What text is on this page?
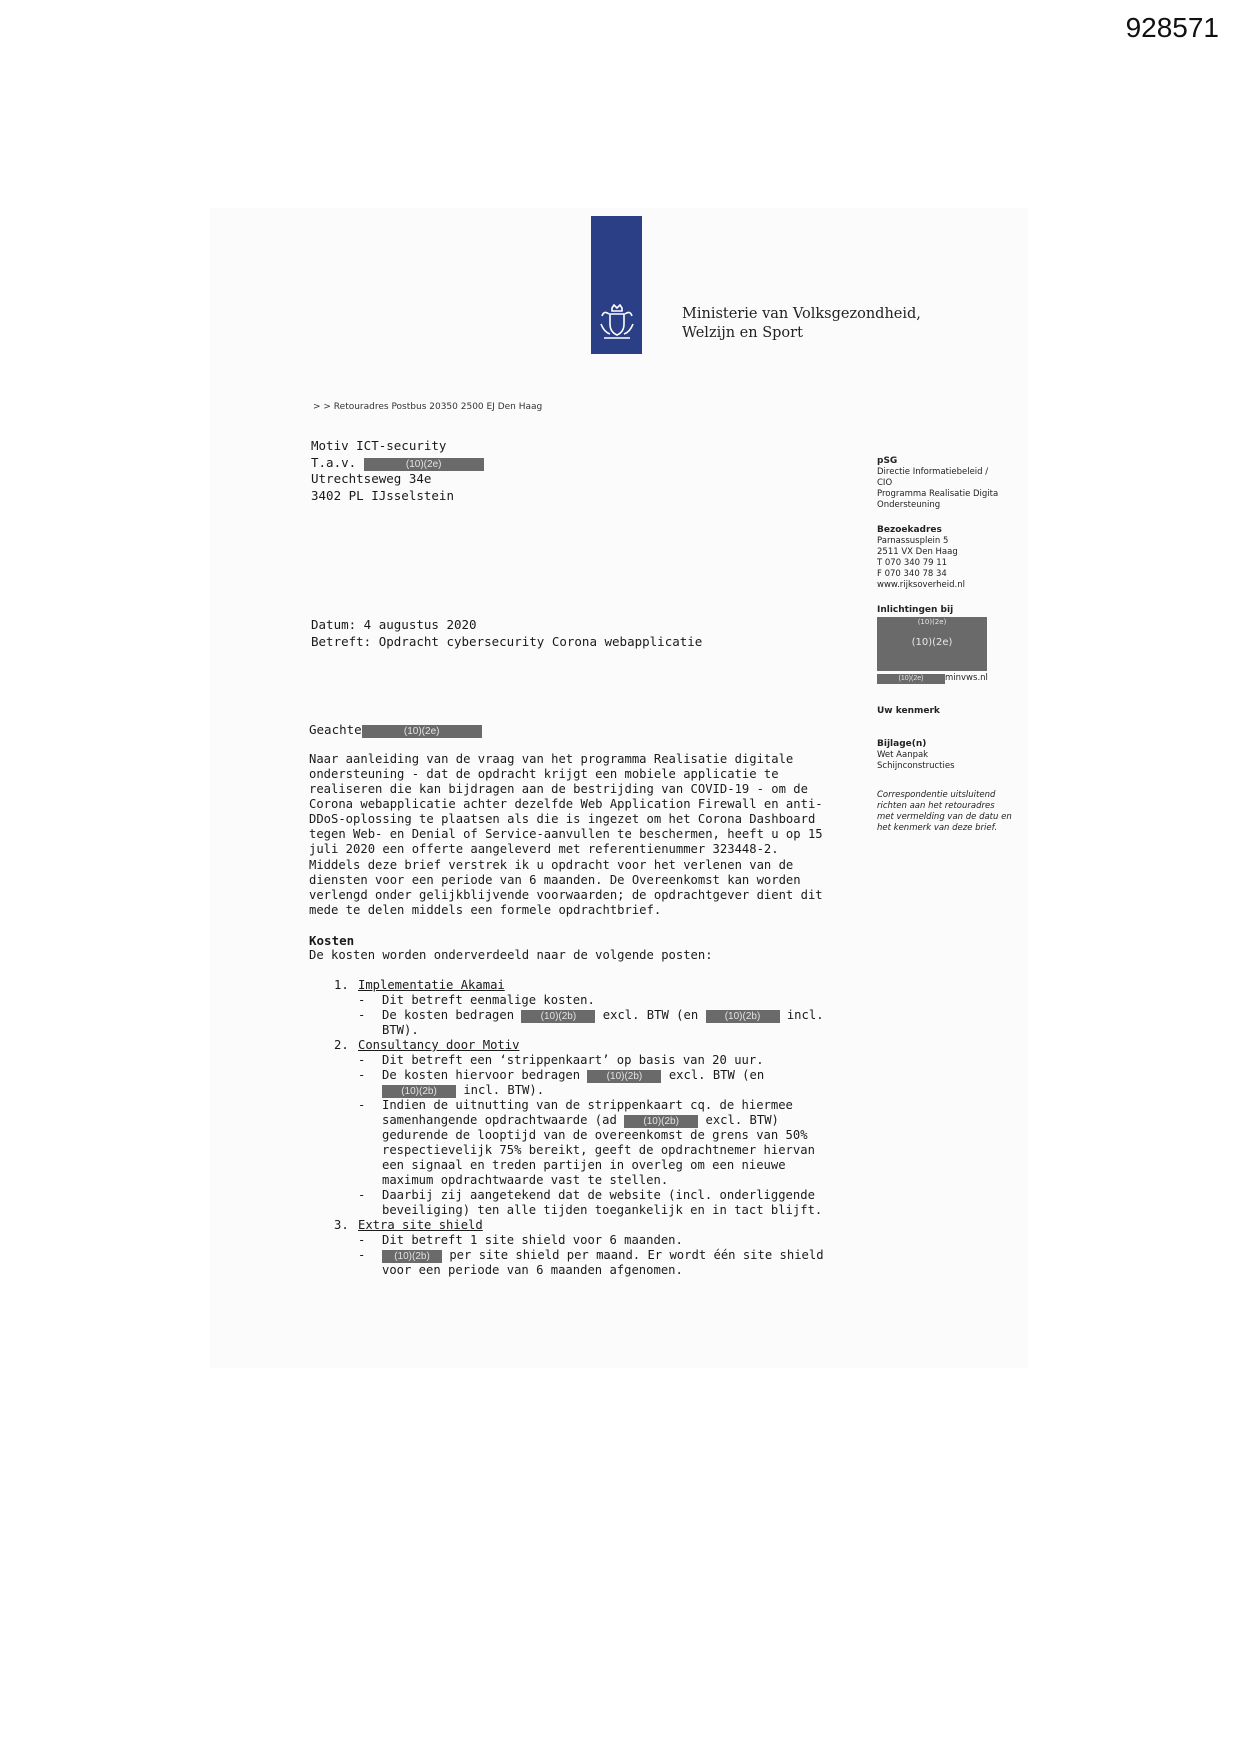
928571
Ministerie van Volksgezondheid,
Welzijn en Sport
> > Retouradres Postbus 20350 2500 EJ Den Haag
Motiv ICT-security
T.a.v.	(10)(2e)
Utrechtseweg 34e
3402 PL IJsselstein
pSG
Directie Informatiebeleid /
CIO
Programma Realisatie Digita
Ondersteuning
Bezoekadres
Parnassusplein 5
2511 VX Den Haag
T 070 340 79 11
F 070 340 78 34
www.rijksoverheid.nl
Inlichtingen bij
(10)(2e)
(10)(2e)
(10)(2e)	minvws.nl
Uw kenmerk
Bijlage(n)
Wet Aanpak
Schijnconstructies
Correspondentie uitsluitend richten aan het retouradres met vermelding van de datu en het kenmerk van deze brief.
Datum: 4 augustus 2020
Betreft: Opdracht cybersecurity Corona webapplicatie
Geachte	(10)(2e)
Naar aanleiding van de vraag van het programma Realisatie digitale ondersteuning - dat de opdracht krijgt een mobiele applicatie te realiseren die kan bijdragen aan de bestrijding van COVID-19 - om de Corona webapplicatie achter dezelfde Web Application Firewall en anti-DDoS-oplossing te plaatsen als die is ingezet om het Corona Dashboard tegen Web- en Denial of Service-aanvullen te beschermen, heeft u op 15 juli 2020 een offerte aangeleverd met referentienummer 323448-2.
Middels deze brief verstrek ik u opdracht voor het verlenen van de diensten voor een periode van 6 maanden. De Overeenkomst kan worden verlengd onder gelijkblijvende voorwaarden; de opdrachtgever dient dit mede te delen middels een formele opdrachtbrief.
Kosten
De kosten worden onderverdeeld naar de volgende posten:
1. Implementatie Akamai
-	Dit betreft eenmalige kosten.
-	De kosten bedragen	(10)(2b) excl. BTW (en	(10)(2b) incl. BTW).
2. Consultancy door Motiv
-	Dit betreft een ‘strippenkaart’ op basis van 20 uur.
-	De kosten hiervoor bedragen	(10)(2b) excl. BTW (en (10)(2b) incl. BTW).
-	Indien de uitnutting van de strippenkaart cq. de hiermee samenhangende opdrachtwaarde (ad	(10)(2b) excl. BTW) gedurende de looptijd van de overeenkomst de grens van 50% respectievelijk 75% bereikt, geeft de opdrachtnemer hiervan een signaal en treden partijen in overleg om een nieuwe maximum opdrachtwaarde vast te stellen.
-	Daarbij zij aangetekend dat de website (incl. onderliggende beveiliging) ten alle tijden toegankelijk en in tact blijft.
3. Extra site shield
-	Dit betreft 1 site shield voor 6 maanden.
-	(10)(2b) per site shield per maand. Er wordt één site shield voor een periode van 6 maanden afgenomen.
